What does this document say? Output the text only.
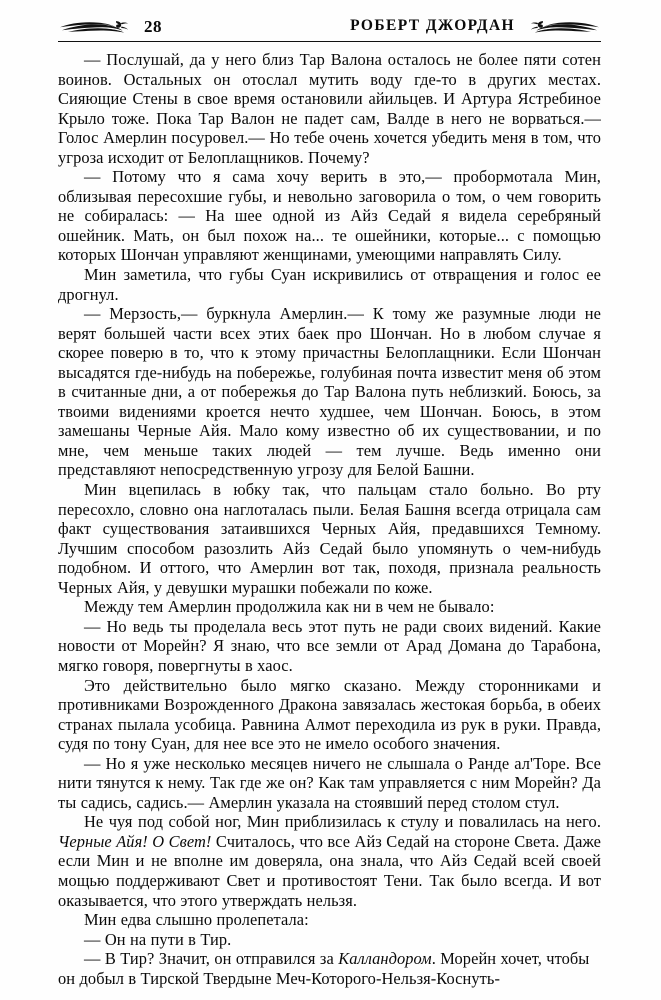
28	РОБЕРТ ДЖОРДАН

— Послушай, да у него близ Тар Валона осталось не более пяти сотен воинов. Остальных он отослал мутить воду где-то в других местах. Сияющие Стены в свое время остановили айильцев. И Артура Ястребиное Крыло тоже. Пока Тар Валон не падет сам, Валде в него не ворваться.— Голос Амерлин посуровел.— Но тебе очень хочется убедить меня в том, что угроза исходит от Белоплащников. Почему?

— Потому что я сама хочу верить в это,— пробормотала Мин, облизывая пересохшие губы, и невольно заговорила о том, о чем говорить не собиралась: — На шее одной из Айз Седай я видела серебряный ошейник. Мать, он был похож на... те ошейники, которые... с помощью которых Шончан управляют женщинами, умеющими направлять Силу.

Мин заметила, что губы Суан искривились от отвращения и голос ее дрогнул.

— Мерзость,— буркнула Амерлин.— К тому же разумные люди не верят большей части всех этих баек про Шончан. Но в любом случае я скорее поверю в то, что к этому причастны Белоплащники. Если Шончан высадятся где-нибудь на побережье, голубиная почта известит меня об этом в считанные дни, а от побережья до Тар Валона путь неблизкий. Боюсь, за твоими видениями кроется нечто худшее, чем Шончан. Боюсь, в этом замешаны Черные Айя. Мало кому известно об их существовании, и по мне, чем меньше таких людей — тем лучше. Ведь именно они представляют непосредственную угрозу для Белой Башни.

Мин вцепилась в юбку так, что пальцам стало больно. Во рту пересохло, словно она наглоталась пыли. Белая Башня всегда отрицала сам факт существования затаившихся Черных Айя, предавшихся Темному. Лучшим способом разозлить Айз Седай было упомянуть о чем-нибудь подобном. И оттого, что Амерлин вот так, походя, признала реальность Черных Айя, у девушки мурашки побежали по коже.

Между тем Амерлин продолжила как ни в чем не бывало:

— Но ведь ты проделала весь этот путь не ради своих видений. Какие новости от Морейн? Я знаю, что все земли от Арад Домана до Тарабона, мягко говоря, повергнуты в хаос.

Это действительно было мягко сказано. Между сторонниками и противниками Возрожденного Дракона завязалась жестокая борьба, в обеих странах пылала усобица. Равнина Алмот переходила из рук в руки. Правда, судя по тону Суан, для нее все это не имело особого значения.

— Но я уже несколько месяцев ничего не слышала о Ранде ал'Торе. Все нити тянутся к нему. Так где же он? Как там управляется с ним Морейн? Да ты садись, садись.— Амерлин указала на стоявший перед столом стул.

Не чуя под собой ног, Мин приблизилась к стулу и повалилась на него. Черные Айя! О Свет! Считалось, что все Айз Седай на стороне Света. Даже если Мин и не вполне им доверяла, она знала, что Айз Седай всей своей мощью поддерживают Свет и противостоят Тени. Так было всегда. И вот оказывается, что этого утверждать нельзя.

Мин едва слышно пролепетала:

— Он на пути в Тир.

— В Тир? Значит, он отправился за Калландором. Морейн хочет, чтобы он добыл в Тирской Твердыне Меч-Которого-Нельзя-Коснуть-
